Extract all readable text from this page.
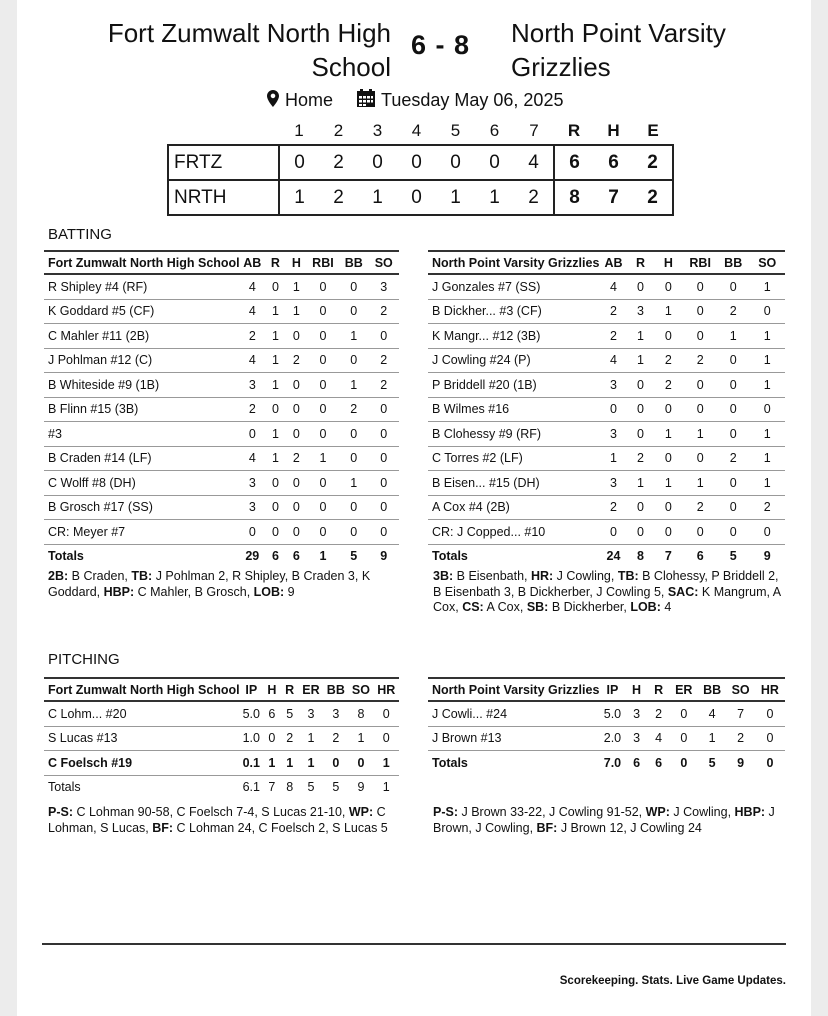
Fort Zumwalt North High School
6 - 8 North Point Varsity Grizzlies
Home	Tuesday May 06, 2025
	1	2	3	4	5	6	7	R	H	E
FRTZ	0	2	0	0	0	0	4	6	6	2
NRTH	1	2	1	0	1	1	2	8	7	2
BATTING
Fort Zumwalt North High School	AB	R	H	RBI	BB	SO
R Shipley #4 (RF)	4	0	1	0	0	3
K Goddard #5 (CF)	4	1	1	0	0	2
C Mahler #11 (2B)	2	1	0	0	1	0
J Pohlman #12 (C)	4	1	2	0	0	2
B Whiteside #9 (1B)	3	1	0	0	1	2
B Flinn #15 (3B)	2	0	0	0	2	0
#3	0	1	0	0	0	0
B Craden #14 (LF)	4	1	2	1	0	0
C Wolff #8 (DH)	3	0	0	0	1	0
B Grosch #17 (SS)	3	0	0	0	0	0
CR: Meyer #7	0	0	0	0	0	0
Totals	29	6	6	1	5	9
North Point Varsity Grizzlies	AB	R	H	RBI	BB	SO
J Gonzales #7 (SS)	4	0	0	0	0	1
B Dickher... #3 (CF)	2	3	1	0	2	0
K Mangr... #12 (3B)	2	1	0	0	1	1
J Cowling #24 (P)	4	1	2	2	0	1
P Briddell #20 (1B)	3	0	2	0	0	1
B Wilmes #16	0	0	0	0	0	0
B Clohessy #9 (RF)	3	0	1	1	0	1
C Torres #2 (LF)	1	2	0	0	2	1
B Eisen... #15 (DH)	3	1	1	1	0	1
A Cox #4 (2B)	2	0	0	2	0	2
CR: J Copped... #10	0	0	0	0	0	0
Totals	24	8	7	6	5	9
2B: B Craden, TB: J Pohlman 2, R Shipley, B Craden 3, K Goddard, HBP: C Mahler, B Grosch, LOB: 9
3B: B Eisenbath, HR: J Cowling, TB: B Clohessy, P Briddell 2, B Eisenbath 3, B Dickherber, J Cowling 5, SAC: K Mangrum, A Cox, CS: A Cox, SB: B Dickherber, LOB: 4
PITCHING
Fort Zumwalt North High School	IP	H	R	ER	BB	SO	HR
C Lohm... #20	5.0	6	5	3	3	8	0
S Lucas #13	1.0	0	2	1	2	1	0
C Foelsch #19	0.1	1	1	1	0	0	1
Totals	6.1	7	8	5	5	9	1
North Point Varsity Grizzlies	IP	H	R	ER	BB	SO	HR
J Cowli... #24	5.0	3	2	0	4	7	0
J Brown #13	2.0	3	4	0	1	2	0
Totals	7.0	6	6	0	5	9	0
P-S: C Lohman 90-58, C Foelsch 7-4, S Lucas 21-10, WP: C Lohman, S Lucas, BF: C Lohman 24, C Foelsch 2, S Lucas 5
P-S: J Brown 33-22, J Cowling 91-52, WP: J Cowling, HBP: J Brown, J Cowling, BF: J Brown 12, J Cowling 24
Scorekeeping. Stats. Live Game Updates.
